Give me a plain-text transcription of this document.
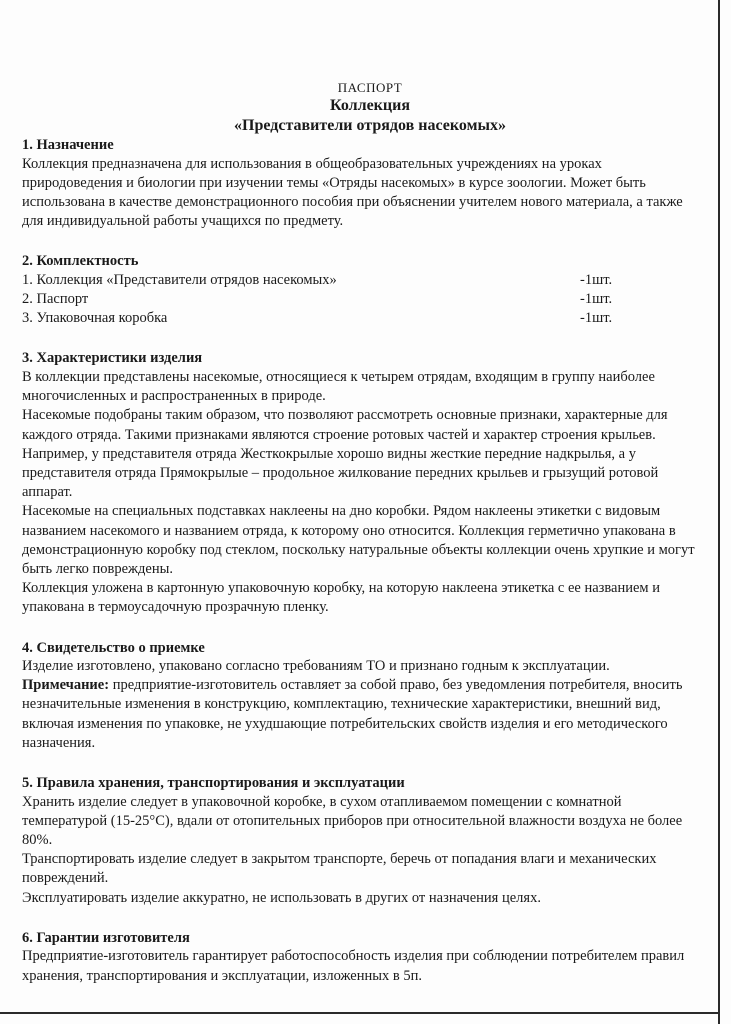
ПАСПОРТ
Коллекция
«Представители отрядов насекомых»
1. Назначение

Коллекция предназначена для использования в общеобразовательных учреждениях на уроках природоведения и биологии при изучении темы «Отряды насекомых» в курсе зоологии. Может быть использована в качестве демонстрационного пособия при объяснении учителем нового материала, а также для индивидуальной работы учащихся по предмету.

2. Комплектность
1. Коллекция «Представители отрядов насекомых»	-1шт.
2. Паспорт	-1шт.
3. Упаковочная коробка	-1шт.
3. Характеристики изделия

В коллекции представлены насекомые, относящиеся к четырем отрядам, входящим в группу наиболее многочисленных и распространенных в природе.

Насекомые подобраны таким образом, что позволяют рассмотреть основные признаки, характерные для каждого отряда. Такими признаками являются строение ротовых частей и характер строения крыльев. Например, у представителя отряда Жесткокрылые хорошо видны жесткие передние надкрылья, а у представителя отряда Прямокрылые – продольное жилкование передних крыльев и грызущий ротовой аппарат.

Насекомые на специальных подставках наклеены на дно коробки. Рядом наклеены этикетки с видовым названием насекомого и названием отряда, к которому оно относится. Коллекция герметично упакована в демонстрационную коробку под стеклом, поскольку натуральные объекты коллекции очень хрупкие и могут быть легко повреждены.

Коллекция уложена в картонную упаковочную коробку, на которую наклеена этикетка с ее названием и упакована в термоусадочную прозрачную пленку.

4. Свидетельство о приемке

Изделие изготовлено, упаковано согласно требованиям ТО и признано годным к эксплуатации. Примечание: предприятие-изготовитель оставляет за собой право, без уведомления потребителя, вносить незначительные изменения в конструкцию, комплектацию, технические характеристики, внешний вид, включая изменения по упаковке, не ухудшающие потребительских свойств изделия и его методического назначения.

5. Правила хранения, транспортирования и эксплуатации

Хранить изделие следует в упаковочной коробке, в сухом отапливаемом помещении с комнатной температурой (15-25°С), вдали от отопительных приборов при относительной влажности воздуха не более 80%.

Транспортировать изделие следует в закрытом транспорте, беречь от попадания влаги и механических повреждений.

Эксплуатировать изделие аккуратно, не использовать в других от назначения целях.

6. Гарантии изготовителя

Предприятие-изготовитель гарантирует работоспособность изделия при соблюдении потребителем правил хранения, транспортирования и эксплуатации, изложенных в 5п.
